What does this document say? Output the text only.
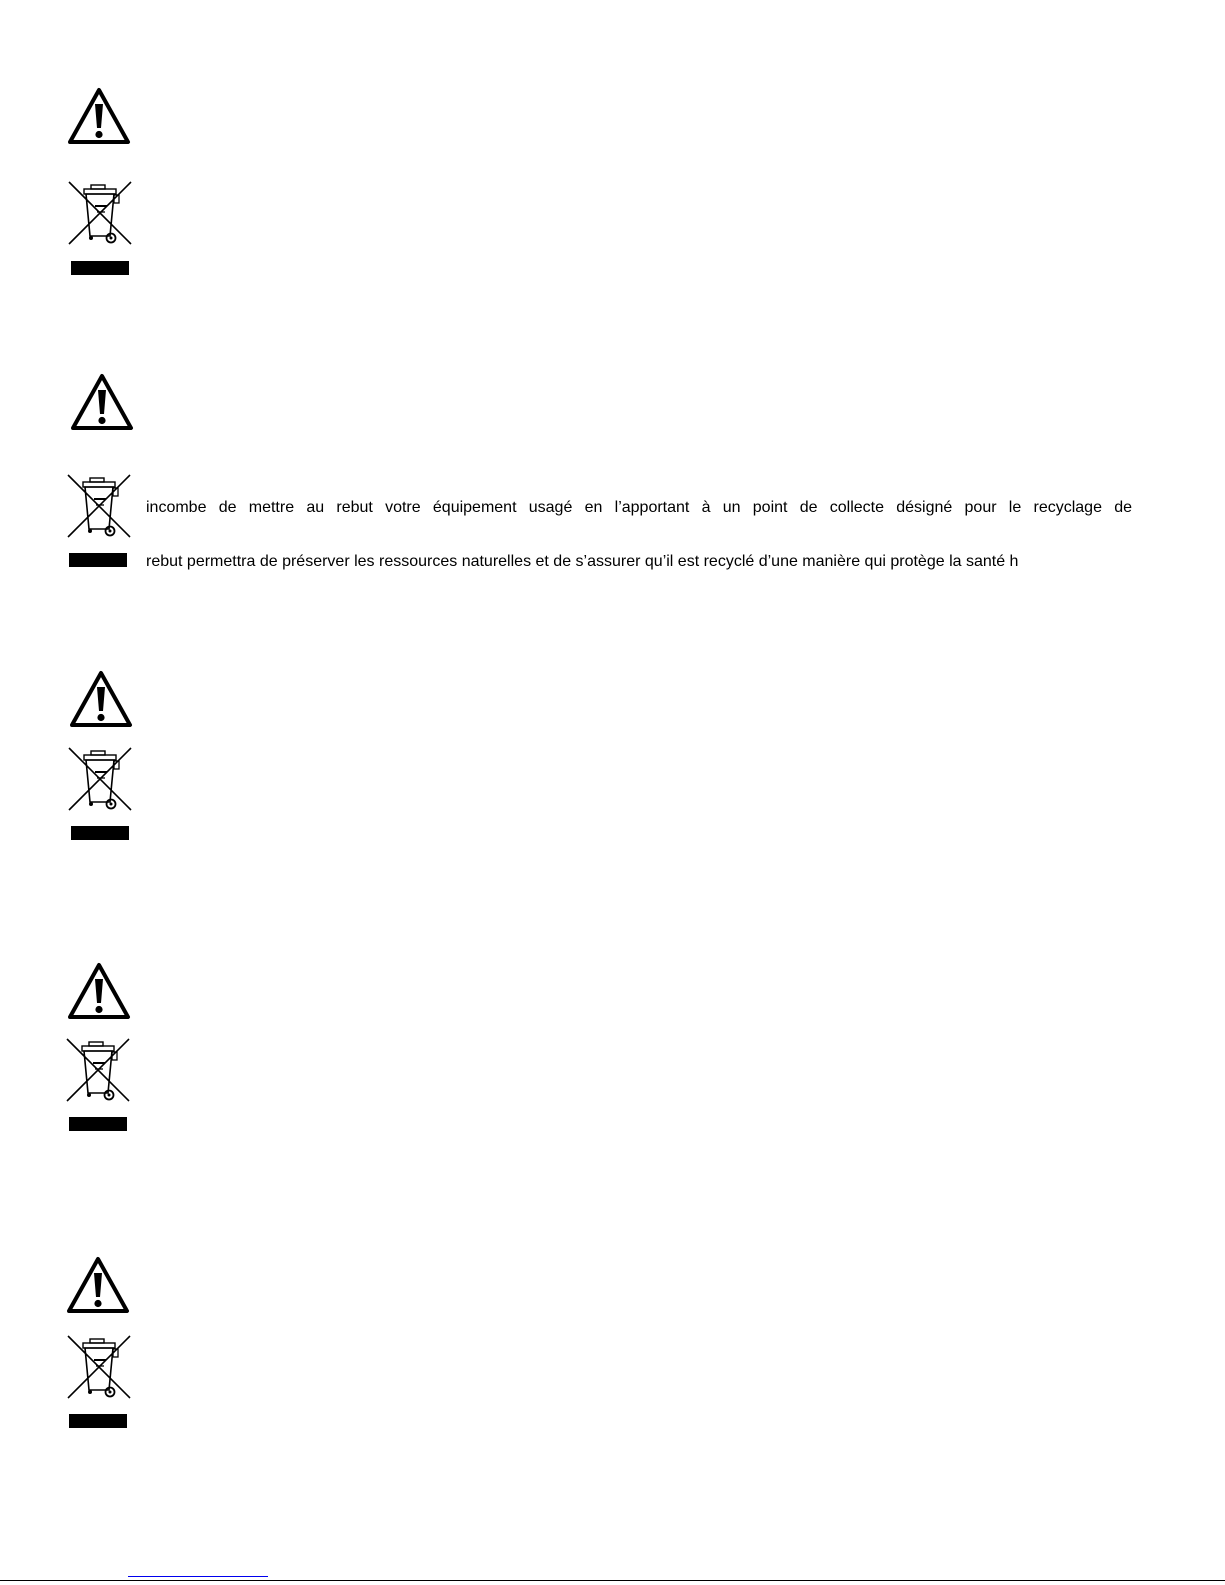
incombe de mettre au rebut votre équipement usagé en l’apportant à un point de collecte désigné pour le recyclage de
rebut permettra de préserver les ressources naturelles et de s’assurer qu’il est recyclé d’une manière qui protège la santé h
